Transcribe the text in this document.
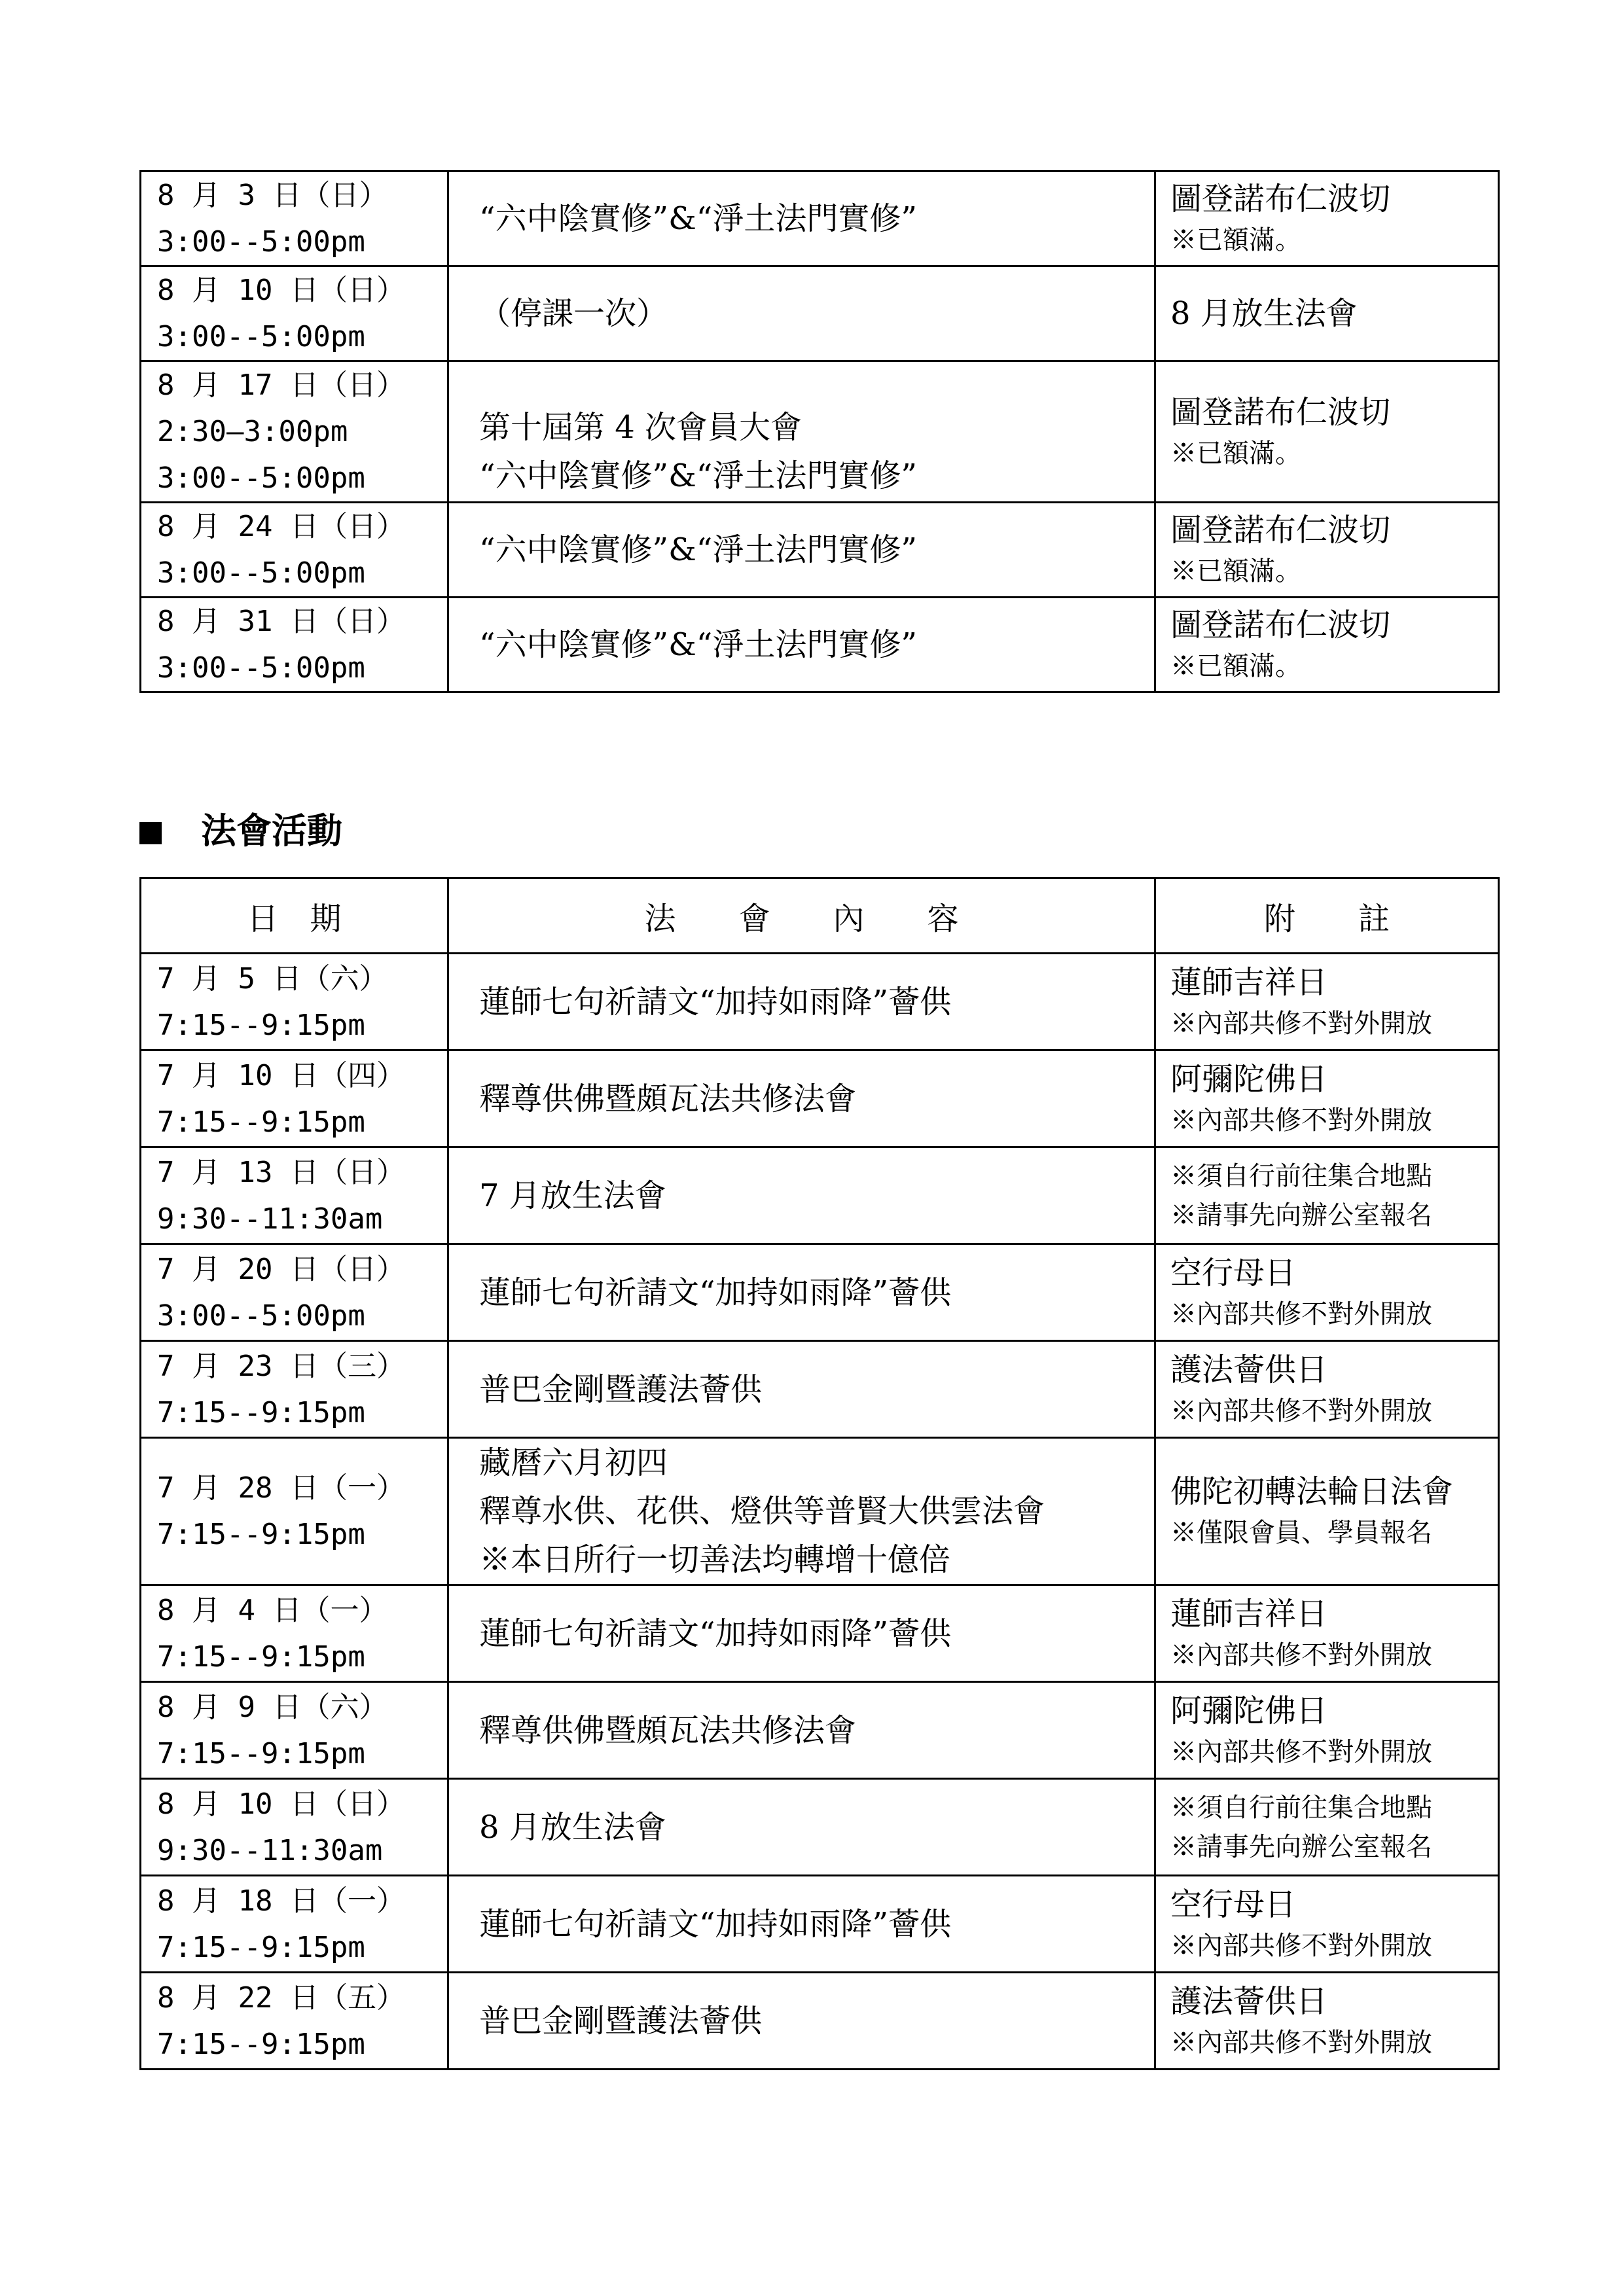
8 月 3 日（日）
3:00--5:00pm	“六中陰實修”&“淨土法門實修”	圖登諾布仁波切
※已額滿。

8 月 10 日（日）
3:00--5:00pm	（停課一次）	8 月放生法會

8 月 17 日（日）
2:30—3:00pm
3:00--5:00pm	第十屆第 4 次會員大會
“六中陰實修”&“淨土法門實修”	圖登諾布仁波切
※已額滿。

8 月 24 日（日）
3:00--5:00pm	“六中陰實修”&“淨土法門實修”	圖登諾布仁波切
※已額滿。

8 月 31 日（日）
3:00--5:00pm	“六中陰實修”&“淨土法門實修”	圖登諾布仁波切
※已額滿。
法會活動
日　期	法　　會　　內　　容	附　　註

7 月 5 日（六）
7:15--9:15pm	蓮師七句祈請文“加持如雨降”薈供	蓮師吉祥日
※內部共修不對外開放

7 月 10 日（四）
7:15--9:15pm	釋尊供佛暨頗瓦法共修法會	阿彌陀佛日
※內部共修不對外開放

7 月 13 日（日）
9:30--11:30am	7 月放生法會	※須自行前往集合地點
※請事先向辦公室報名

7 月 20 日（日）
3:00--5:00pm	蓮師七句祈請文“加持如雨降”薈供	空行母日
※內部共修不對外開放

7 月 23 日（三）
7:15--9:15pm	普巴金剛暨護法薈供	護法薈供日
※內部共修不對外開放

7 月 28 日（一）
7:15--9:15pm	藏曆六月初四
釋尊水供、花供、燈供等普賢大供雲法會
※本日所行一切善法均轉增十億倍	佛陀初轉法輪日法會
※僅限會員、學員報名

8 月 4 日（一）
7:15--9:15pm	蓮師七句祈請文“加持如雨降”薈供	蓮師吉祥日
※內部共修不對外開放

8 月 9 日（六）
7:15--9:15pm	釋尊供佛暨頗瓦法共修法會	阿彌陀佛日
※內部共修不對外開放

8 月 10 日（日）
9:30--11:30am	8 月放生法會	※須自行前往集合地點
※請事先向辦公室報名

8 月 18 日（一）
7:15--9:15pm	蓮師七句祈請文“加持如雨降”薈供	空行母日
※內部共修不對外開放

8 月 22 日（五）
7:15--9:15pm	普巴金剛暨護法薈供	護法薈供日
※內部共修不對外開放
